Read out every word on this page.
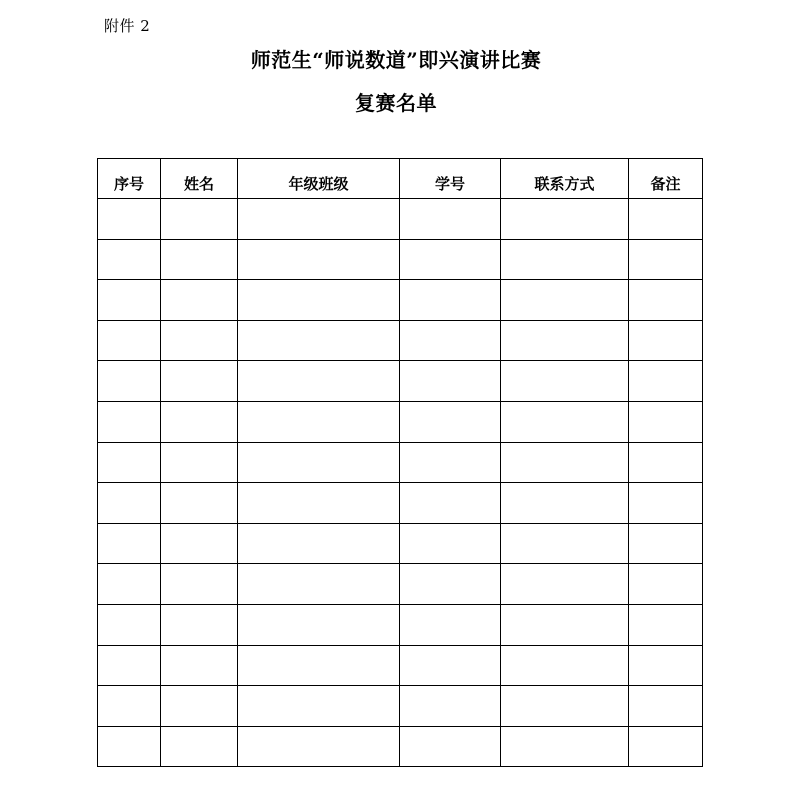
附件 2
师范生“师说数道”即兴演讲比赛
复赛名单
序号	姓名	年级班级	学号	联系方式	备注
